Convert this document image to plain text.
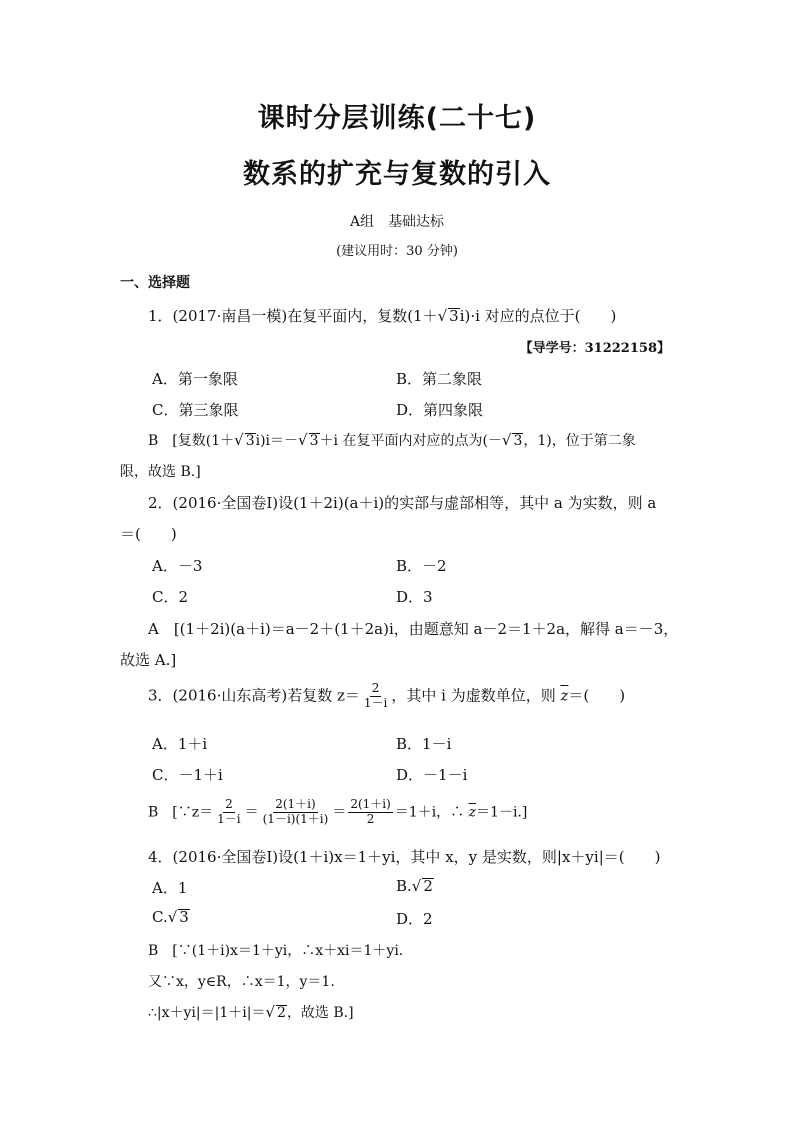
课时分层训练(二十七)
数系的扩充与复数的引入
A组 基础达标
(建议用时：30 分钟)
一、选择题
1．(2017·南昌一模)在复平面内，复数(1＋√ 3i)·i 对应的点位于(　　)
【导学号：31222158】
A．第一象限	B．第二象限
C．第三象限	D．第四象限
B　[复数(1＋√ 3i)i＝－√ 3＋i 在复平面内对应的点为(－√ 3，1)，位于第二象
限，故选 B.]
2．(2016·全国卷Ⅰ)设(1＋2i)(a＋i)的实部与虚部相等，其中 a 为实数，则 a
＝(　　)
A．－3	B．－2
C．2	D．3
A　[(1＋2i)(a＋i)＝a－2＋(1＋2a)i，由题意知 a－2＝1＋2a，解得 a＝－3，
故选 A.]
3．(2016·山东高考)若复数 $z= \frac{2}{1-i}$ ，其中 i 为虚数单位，则 $\overline{z}=$(　　)
A．1＋i	B．1－i
C．－1＋i	D．－1－i
B　[∵z＝ $\frac{2}{1-i} = \frac{2(1+i)}{(1-i)(1+i)} = \frac{2(1+i)}{2} =1+i$，∴ $\overline{z}=1-i$.]
4．(2016·全国卷Ⅰ)设(1＋i)x＝1＋yi，其中 x，y 是实数，则|x＋yi|＝(　　)
A．1	B.√ 2
C.√ 3	D．2
B　[∵(1＋i)x＝1＋yi，∴x＋xi＝1＋yi.
又∵x，y∈R，∴x＝1，y＝1.
∴|x＋yi|＝|1＋i|＝√ 2，故选 B.]
